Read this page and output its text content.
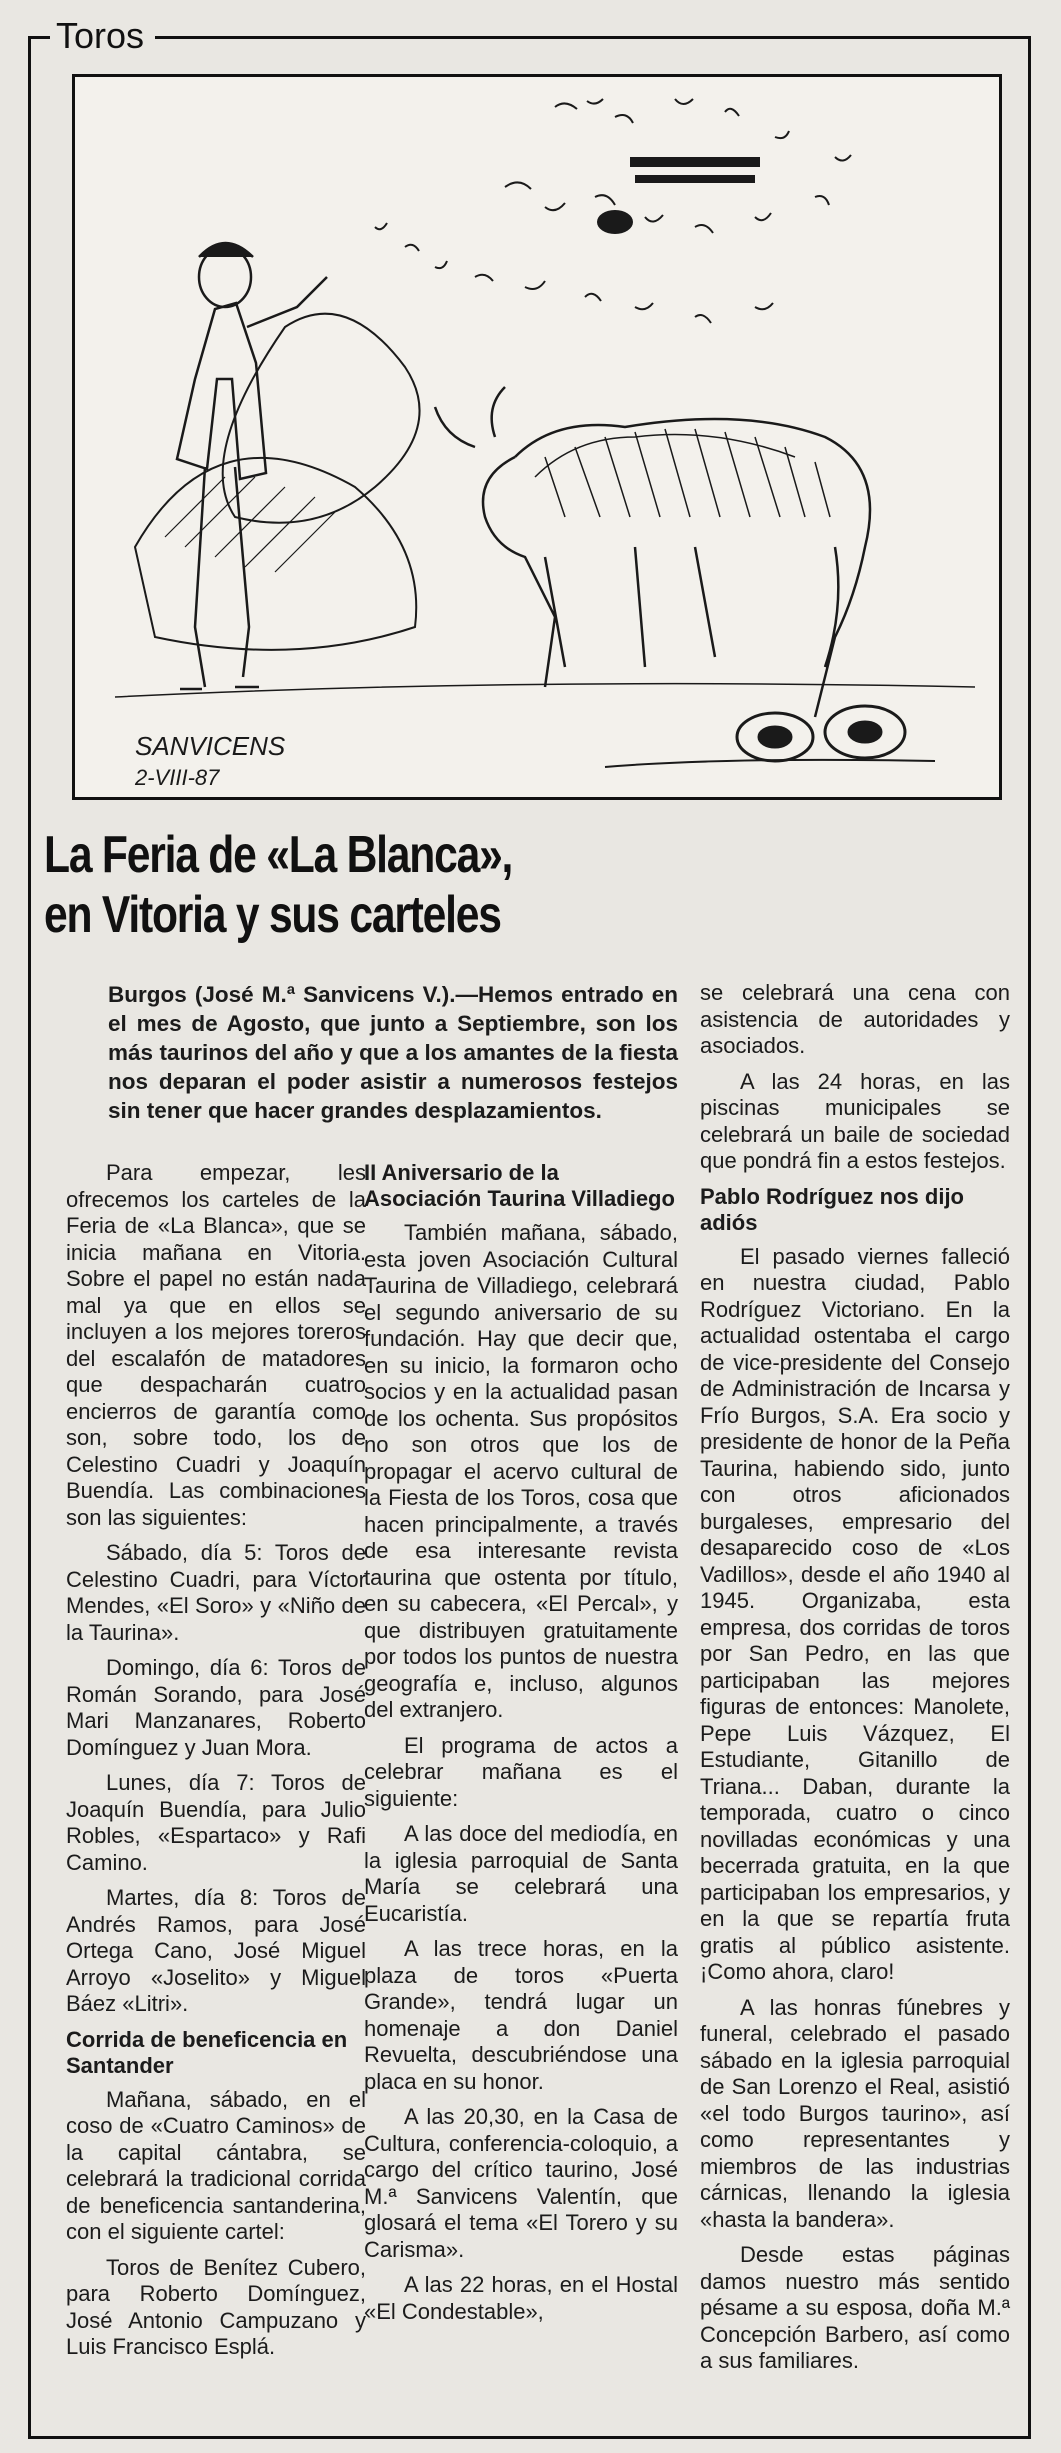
Toros
SANVICENS
2-VIII-87
La Feria de «La Blanca»,
en Vitoria y sus carteles

Burgos (José M.ª Sanvicens V.).—Hemos entrado en el mes de Agosto, que junto a Septiembre, son los más taurinos del año y que a los amantes de la fiesta nos deparan el poder asistir a numerosos festejos sin tener que hacer grandes desplazamientos.

Para empezar, les ofrecemos los carteles de la Feria de «La Blanca», que se inicia mañana en Vitoria. Sobre el papel no están nada mal ya que en ellos se incluyen a los mejores toreros del escalafón de matadores que despacharán cuatro encierros de garantía como son, sobre todo, los de Celestino Cuadri y Joaquín Buendía. Las combinaciones son las siguientes:

Sábado, día 5: Toros de Celestino Cuadri, para Víctor Mendes, «El Soro» y «Niño de la Taurina».

Domingo, día 6: Toros de Román Sorando, para José Mari Manzanares, Roberto Domínguez y Juan Mora.

Lunes, día 7: Toros de Joaquín Buendía, para Julio Robles, «Espartaco» y Rafi Camino.

Martes, día 8: Toros de Andrés Ramos, para José Ortega Cano, José Miguel Arroyo «Joselito» y Miguel Báez «Litri».

Corrida de beneficencia en Santander

Mañana, sábado, en el coso de «Cuatro Caminos» de la capital cántabra, se celebrará la tradicional corrida de beneficencia santanderina, con el siguiente cartel:

Toros de Benítez Cubero, para Roberto Domínguez, José Antonio Campuzano y Luis Francisco Esplá.

II Aniversario de la Asociación Taurina Villadiego

También mañana, sábado, esta joven Asociación Cultural Taurina de Villadiego, celebrará el segundo aniversario de su fundación. Hay que decir que, en su inicio, la formaron ocho socios y en la actualidad pasan de los ochenta. Sus propósitos no son otros que los de propagar el acervo cultural de la Fiesta de los Toros, cosa que hacen principalmente, a través de esa interesante revista taurina que ostenta por título, en su cabecera, «El Percal», y que distribuyen gratuitamente por todos los puntos de nuestra geografía e, incluso, algunos del extranjero.

El programa de actos a celebrar mañana es el siguiente:

A las doce del mediodía, en la iglesia parroquial de Santa María se celebrará una Eucaristía.

A las trece horas, en la plaza de toros «Puerta Grande», tendrá lugar un homenaje a don Daniel Revuelta, descubriéndose una placa en su honor.

A las 20,30, en la Casa de Cultura, conferencia-coloquio, a cargo del crítico taurino, José M.ª Sanvicens Valentín, que glosará el tema «El Torero y su Carisma».

A las 22 horas, en el Hostal «El Condestable»,

se celebrará una cena con asistencia de autoridades y asociados.

A las 24 horas, en las piscinas municipales se celebrará un baile de sociedad que pondrá fin a estos festejos.

Pablo Rodríguez nos dijo adiós

El pasado viernes falleció en nuestra ciudad, Pablo Rodríguez Victoriano. En la actualidad ostentaba el cargo de vice-presidente del Consejo de Administración de Incarsa y Frío Burgos, S.A. Era socio y presidente de honor de la Peña Taurina, habiendo sido, junto con otros aficionados burgaleses, empresario del desaparecido coso de «Los Vadillos», desde el año 1940 al 1945. Organizaba, esta empresa, dos corridas de toros por San Pedro, en las que participaban las mejores figuras de entonces: Manolete, Pepe Luis Vázquez, El Estudiante, Gitanillo de Triana... Daban, durante la temporada, cuatro o cinco novilladas económicas y una becerrada gratuita, en la que participaban los empresarios, y en la que se repartía fruta gratis al público asistente. ¡Como ahora, claro!

A las honras fúnebres y funeral, celebrado el pasado sábado en la iglesia parroquial de San Lorenzo el Real, asistió «el todo Burgos taurino», así como representantes y miembros de las industrias cárnicas, llenando la iglesia «hasta la bandera».

Desde estas páginas damos nuestro más sentido pésame a su esposa, doña M.ª Concepción Barbero, así como a sus familiares.
